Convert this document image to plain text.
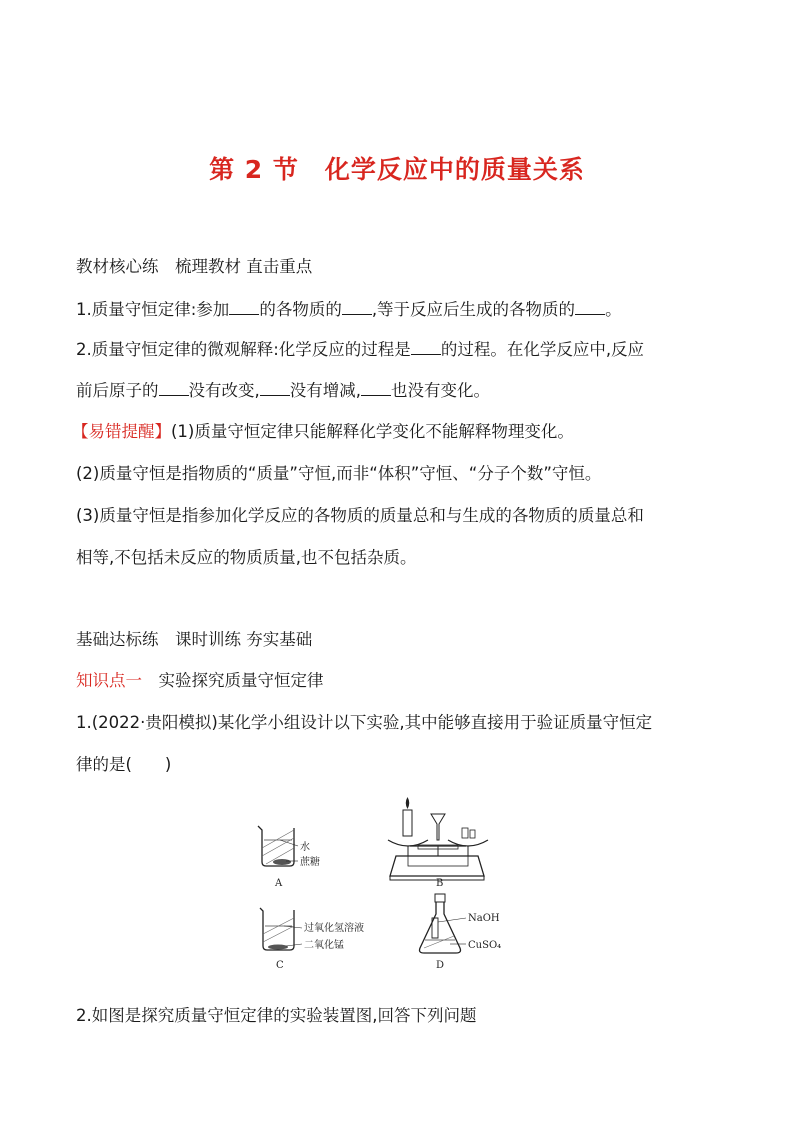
第 2 节　化学反应中的质量关系
教材核心练　梳理教材 直击重点
1.质量守恒定律:参加 的各物质的 ,等于反应后生成的各物质的 。
2.质量守恒定律的微观解释:化学反应的过程是 的过程。在化学反应中,反应
前后原子的 没有改变, 没有增减, 也没有变化。
【易错提醒】(1)质量守恒定律只能解释化学变化不能解释物理变化。
(2)质量守恒是指物质的“质量”守恒,而非“体积”守恒、“分子个数”守恒。
(3)质量守恒是指参加化学反应的各物质的质量总和与生成的各物质的质量总和
相等,不包括未反应的物质质量,也不包括杂质。
基础达标练　课时训练 夯实基础
知识点一　实验探究质量守恒定律
1.(2022·贵阳模拟)某化学小组设计以下实验,其中能够直接用于验证质量守恒定
律的是(　　)
水
蔗糖
A	B
过氧化氢溶液
二氧化锰
C
NaOH
CuSO₄
D
2.如图是探究质量守恒定律的实验装置图,回答下列问题
